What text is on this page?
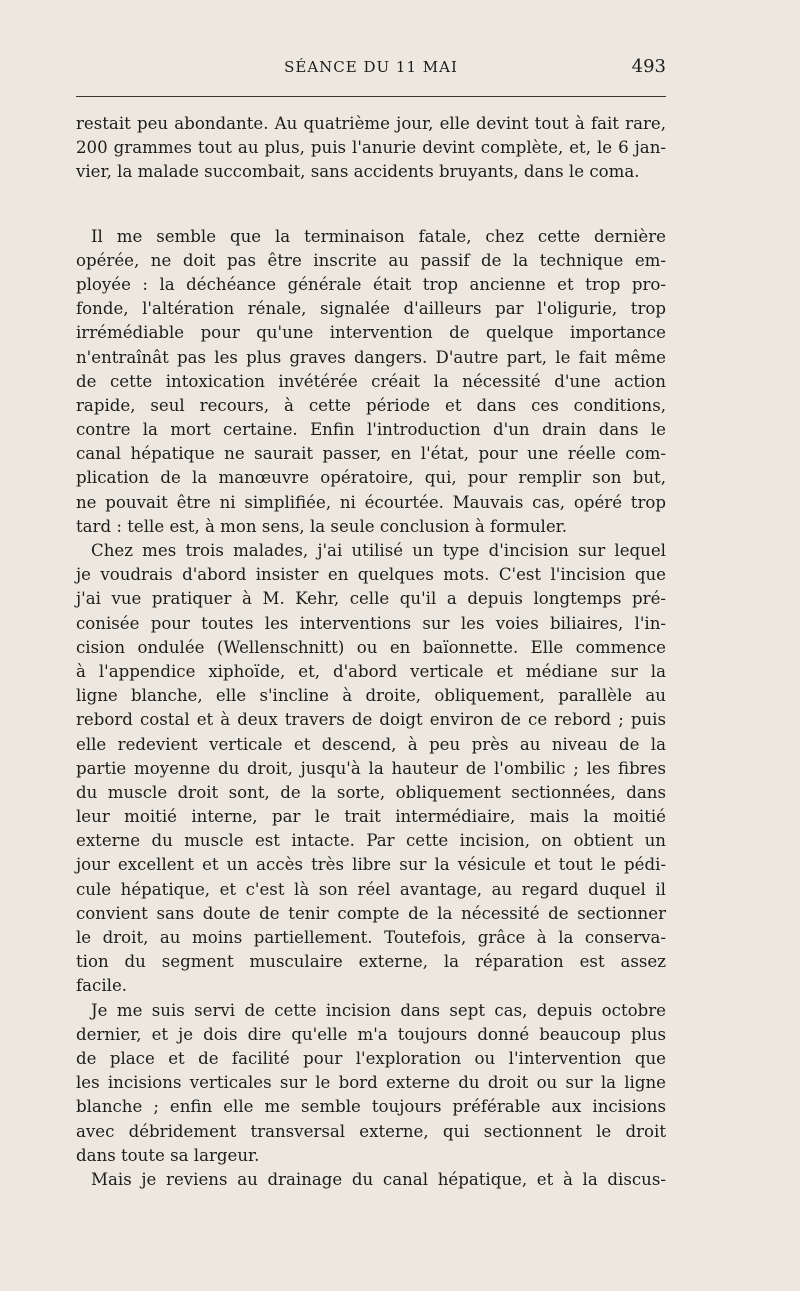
SÉANCE DU 11 MAI	493
restait peu abondante. Au quatrième jour, elle devint tout à fait rare,
200 grammes tout au plus, puis l'anurie devint complète, et, le 6 jan-
vier, la malade succombait, sans accidents bruyants, dans le coma.
Il me semble que la terminaison fatale, chez cette dernière
opérée, ne doit pas être inscrite au passif de la technique em-
ployée : la déchéance générale était trop ancienne et trop pro-
fonde, l'altération rénale, signalée d'ailleurs par l'oligurie, trop
irrémédiable pour qu'une intervention de quelque importance
n'entraînât pas les plus graves dangers. D'autre part, le fait même
de cette intoxication invétérée créait la nécessité d'une action
rapide, seul recours, à cette période et dans ces conditions,
contre la mort certaine. Enfin l'introduction d'un drain dans le
canal hépatique ne saurait passer, en l'état, pour une réelle com-
plication de la manœuvre opératoire, qui, pour remplir son but,
ne pouvait être ni simplifiée, ni écourtée. Mauvais cas, opéré trop
tard : telle est, à mon sens, la seule conclusion à formuler.
Chez mes trois malades, j'ai utilisé un type d'incision sur lequel
je voudrais d'abord insister en quelques mots. C'est l'incision que
j'ai vue pratiquer à M. Kehr, celle qu'il a depuis longtemps pré-
conisée pour toutes les interventions sur les voies biliaires, l'in-
cision ondulée (Wellenschnitt) ou en baïonnette. Elle commence
à l'appendice xiphoïde, et, d'abord verticale et médiane sur la
ligne blanche, elle s'incline à droite, obliquement, parallèle au
rebord costal et à deux travers de doigt environ de ce rebord ; puis
elle redevient verticale et descend, à peu près au niveau de la
partie moyenne du droit, jusqu'à la hauteur de l'ombilic ; les fibres
du muscle droit sont, de la sorte, obliquement sectionnées, dans
leur moitié interne, par le trait intermédiaire, mais la moitié
externe du muscle est intacte. Par cette incision, on obtient un
jour excellent et un accès très libre sur la vésicule et tout le pédi-
cule hépatique, et c'est là son réel avantage, au regard duquel il
convient sans doute de tenir compte de la nécessité de sectionner
le droit, au moins partiellement. Toutefois, grâce à la conserva-
tion du segment musculaire externe, la réparation est assez
facile.
Je me suis servi de cette incision dans sept cas, depuis octobre
dernier, et je dois dire qu'elle m'a toujours donné beaucoup plus
de place et de facilité pour l'exploration ou l'intervention que
les incisions verticales sur le bord externe du droit ou sur la ligne
blanche ; enfin elle me semble toujours préférable aux incisions
avec débridement transversal externe, qui sectionnent le droit
dans toute sa largeur.
Mais je reviens au drainage du canal hépatique, et à la discus-
